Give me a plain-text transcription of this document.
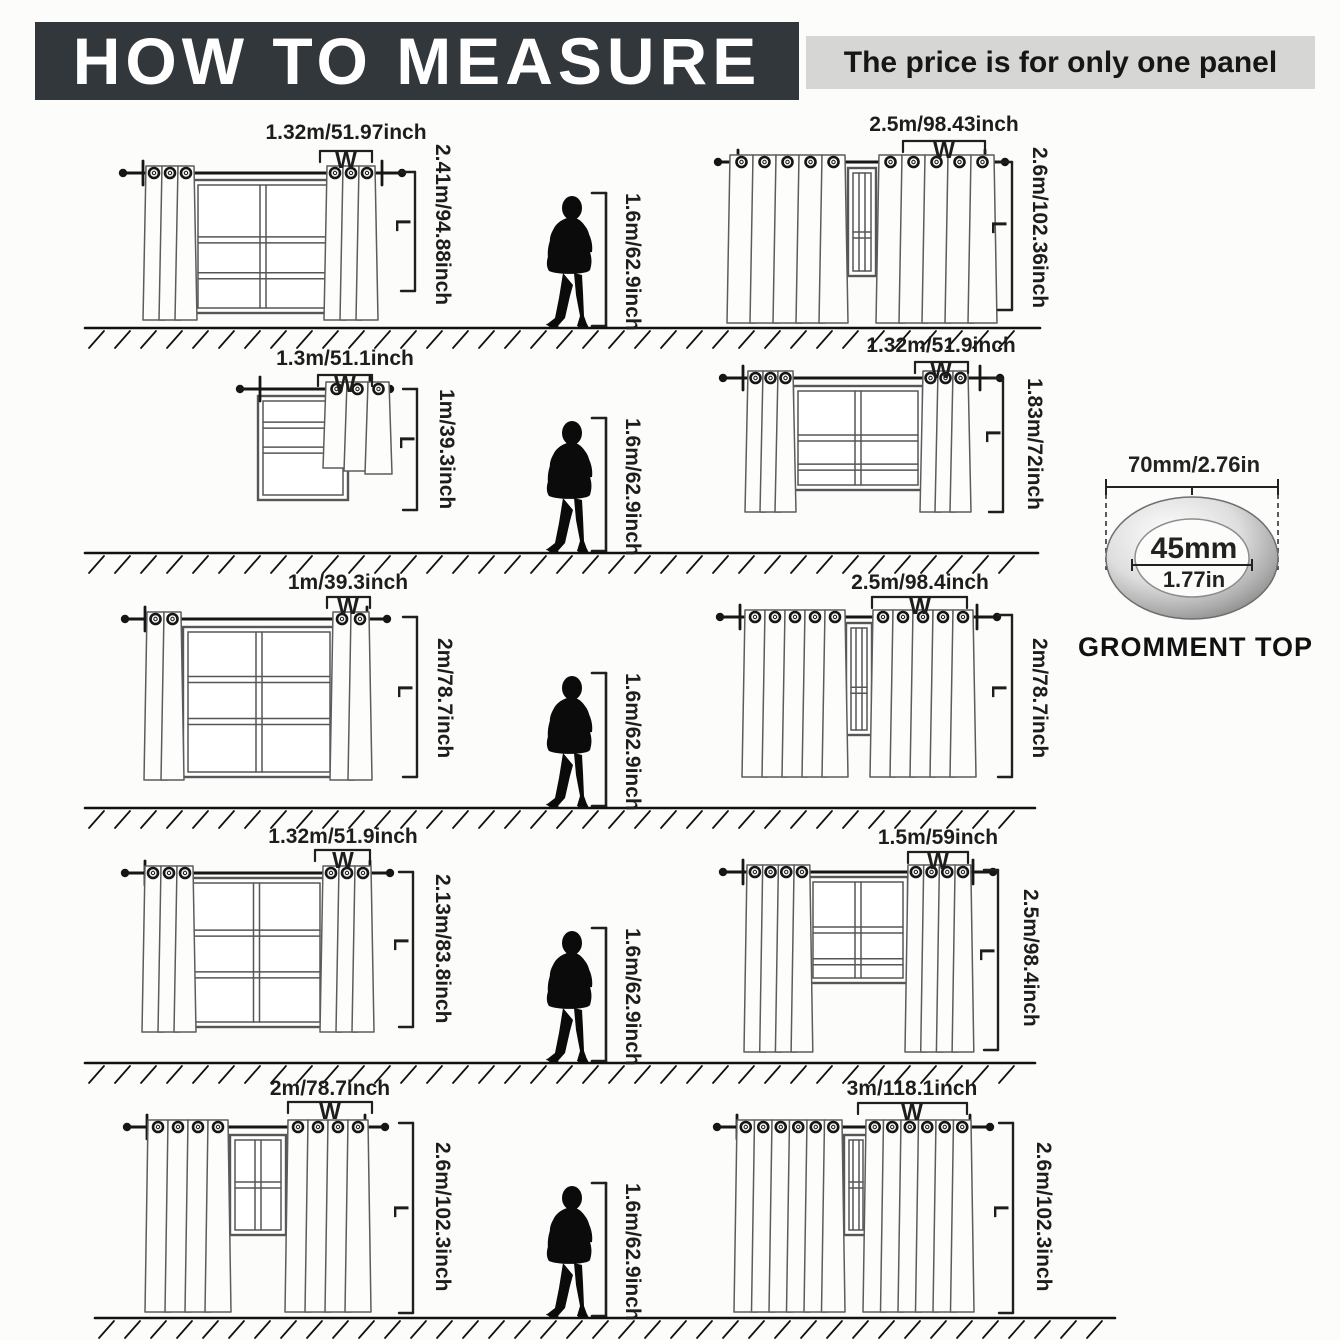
HOW TO MEASURE	The price is for only one panel
1.32m/51.97inch
W	2.41m/94.88inch
L
2.5m/98.43inch
W	2.6m/102.36inch
L
1.6m/62.9inch
1.3m/51.1inch
W
1m/39.3inch
L
1.32m/51.9inch
W
1.83m/72inch
L
1.6m/62.9inch
1m/39.3inch
W
2m/78.7inch
L
2.5m/98.4inch
W
2m/78.7inch
L
1.6m/62.9inch
1.32m/51.9inch
W
2.13m/83.8inch
L
1.5m/59inch
W
2.5m/98.4inch
L
1.6m/62.9inch
2m/78.7inch
W
2.6m/102.3inch
L
3m/118.1inch
W
2.6m/102.3inch
L
1.6m/62.9inch
70mm/2.76in
45mm
1.77in
GROMMENT TOP
